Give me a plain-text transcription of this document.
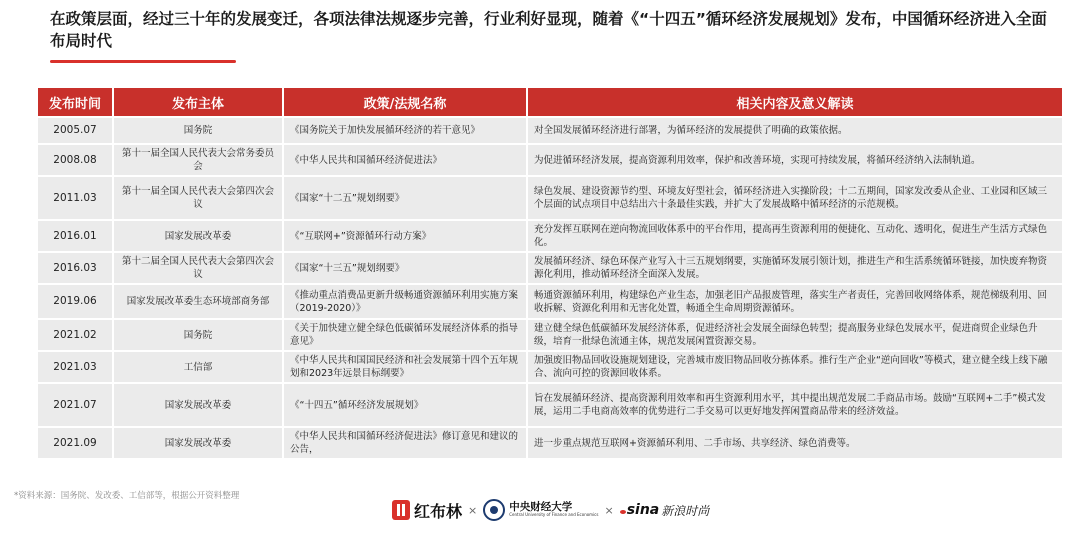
在政策层面，经过三十年的发展变迁，各项法律法规逐步完善，行业利好显现，随着《“十四五”循环经济发展规划》发布，中国循环经济进入全面布局时代
发布时间	发布主体	政策/法规名称	相关内容及意义解读
2005.07	国务院	《国务院关于加快发展循环经济的若干意见》	对全国发展循环经济进行部署，为循环经济的发展提供了明确的政策依据。
2008.08	第十一届全国人民代表大会常务委员会	《中华人民共和国循环经济促进法》	为促进循环经济发展，提高资源利用效率，保护和改善环境，实现可持续发展，将循环经济纳入法制轨道。
2011.03	第十一届全国人民代表大会第四次会议	《国家“十二五”规划纲要》	绿色发展、建设资源节约型、环境友好型社会，循环经济进入实操阶段；十二五期间，国家发改委从企业、工业园和区域三个层面的试点项目中总结出六十条最佳实践，并扩大了发展战略中循环经济的示范规模。
2016.01	国家发展改革委	《“互联网+”资源循环行动方案》	充分发挥互联网在逆向物流回收体系中的平台作用，提高再生资源利用的便捷化、互动化、透明化，促进生产生活方式绿色化。
2016.03	第十二届全国人民代表大会第四次会议	《国家“十三五”规划纲要》	发展循环经济、绿色环保产业写入十三五规划纲要，实施循环发展引领计划，推进生产和生活系统循环链接，加快废弃物资源化利用，推动循环经济全面深入发展。
2019.06	国家发展改革委生态环境部商务部	《推动重点消费品更新升级畅通资源循环利用实施方案（2019-2020）》	畅通资源循环利用，构建绿色产业生态，加强老旧产品报废管理，落实生产者责任，完善回收网络体系，规范梯级利用、回收拆解、资源化利用和无害化处置，畅通全生命周期资源循环。
2021.02	国务院	《关于加快建立健全绿色低碳循环发展经济体系的指导意见》	建立健全绿色低碳循环发展经济体系，促进经济社会发展全面绿色转型；提高服务业绿色发展水平，促进商贸企业绿色升级，培育一批绿色流通主体，规范发展闲置资源交易。
2021.03	工信部	《中华人民共和国国民经济和社会发展第十四个五年规划和2023年远景目标纲要》	加强废旧物品回收设施规划建设，完善城市废旧物品回收分拣体系。推行生产企业“逆向回收”等模式，建立健全线上线下融合、流向可控的资源回收体系。
2021.07	国家发展改革委	《“十四五”循环经济发展规划》	旨在发展循环经济、提高资源利用效率和再生资源利用水平，其中提出规范发展二手商品市场。鼓励“互联网+二手”模式发展，运用二手电商高效率的优势进行二手交易可以更好地发挥闲置商品带来的经济效益。
2021.09	国家发展改革委	《中华人民共和国循环经济促进法》修订意见和建议的公告，	进一步重点规范互联网+资源循环利用、二手市场、共享经济、绿色消费等。
*资料来源：国务院、发改委、工信部等，根据公开资料整理
红布林 ×	中央财经大学
Central University of Finance and Economics × sina 新浪时尚
